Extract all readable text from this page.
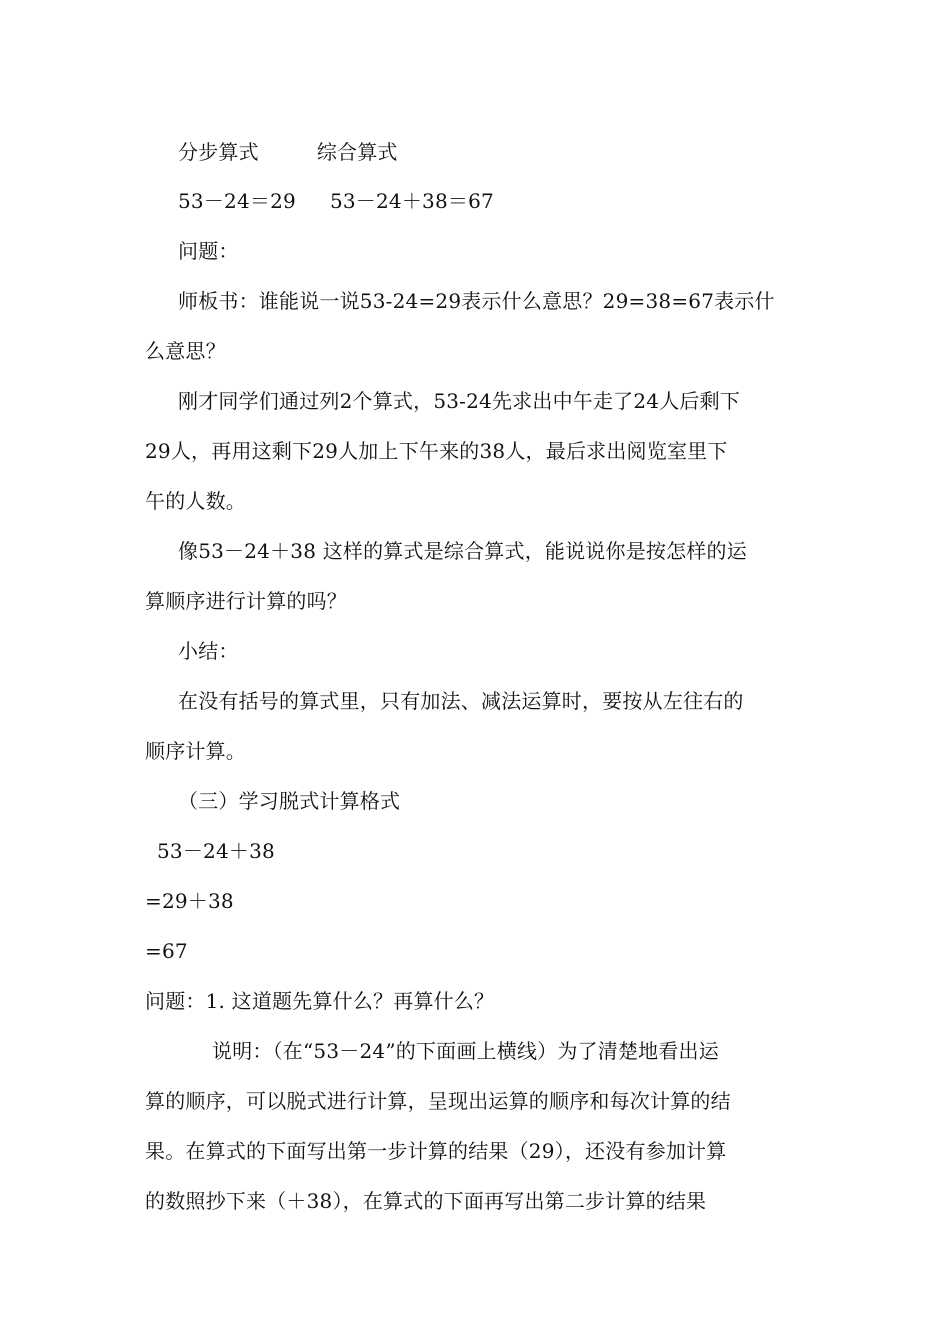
分步算式	综合算式
53－24＝29 53－24＋38＝67
问题：
师板书：谁能说一说53-24=29表示什么意思？29=38=67表示什
么意思？
刚才同学们通过列2个算式，53-24先求出中午走了24人后剩下
29人，再用这剩下29人加上下午来的38人，最后求出阅览室里下
午的人数。
像53－24＋38 这样的算式是综合算式，能说说你是按怎样的运
算顺序进行计算的吗？
小结：
在没有括号的算式里，只有加法、减法运算时，要按从左往右的
顺序计算。
（三）学习脱式计算格式
53－24＋38
=29＋38
=67
问题：1. 这道题先算什么？再算什么？
说明：（在“53－24”的下面画上横线）为了清楚地看出运
算的顺序，可以脱式进行计算，呈现出运算的顺序和每次计算的结
果。在算式的下面写出第一步计算的结果（29），还没有参加计算
的数照抄下来（＋38），在算式的下面再写出第二步计算的结果
